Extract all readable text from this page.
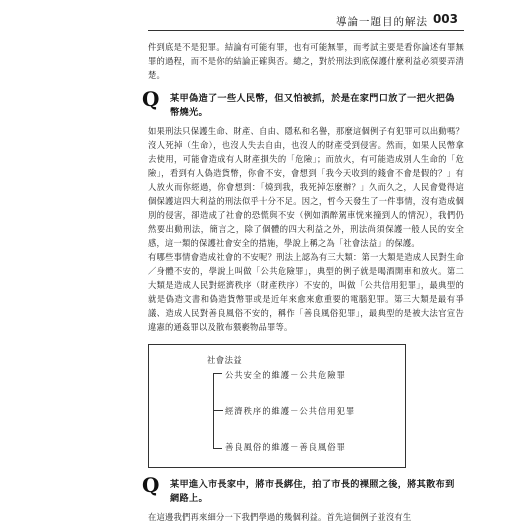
導論一題目的解法 003

件到底是不是犯罪。結論有可能有罪，也有可能無罪，而考試主要是看你論述有罪無罪的過程，而不是你的結論正確與否。總之，對於刑法到底保護什麼利益必須要弄清楚。

Q 某甲偽造了一些人民幣，但又怕被抓，於是在家門口放了一把火把偽幣燒光。

如果刑法只保護生命、財產、自由、隱私和名譽，那麼這個例子有犯罪可以出動嗎？沒人死掉（生命），也沒人失去自由，也沒人的財產受到侵害。然而，如果人民幣拿去使用，可能會造成有人財產損失的「危險」；而放火，有可能造成別人生命的「危險」，看到有人偽造貨幣，你會不安，會想到「我今天收到的錢會不會是假的？」有人放火而你經過，你會想到：「燒到我，我死掉怎麼辦？」久而久之，人民會覺得這個保護這四大利益的刑法似乎十分不足。因之，哲今天發生了一件事情，沒有造成個別的侵害，卻造成了社會的恐慌與不安（例如酒醉駕車恍來撞到人的情況），我們仍然要出動刑法，簡言之，除了個體的四大利益之外，刑法尚須保護一般人民的安全感，這一類的保護社會安全的措施，學說上稱之為「社會法益」的保護。

有哪些事情會造成社會的不安呢？刑法上認為有三大類：第一大類是造成人民對生命／身體不安的，學說上叫做「公共危險罪」，典型的例子就是喝酒開車和放火。第二大類是造成人民對經濟秩序（財產秩序）不安的，叫做「公共信用犯罪」，最典型的就是偽造文書和偽造貨幣罪或是近年來愈來愈重要的電腦犯罪。第三大類是最有爭議、造成人民對善良風俗不安的，稱作「善良風俗犯罪」，最典型的是被大法官宣告違憲的通姦罪以及散布猥褻物品罪等。

社會法益
公共安全的維護－公共危險罪
經濟秩序的維護－公共信用犯罪
善良風俗的維護－善良風俗罪
Q 某甲進入市長家中，將市長綁住，拍了市長的裸照之後，將其散布到網路上。

在這邊我們再來細分一下我們學過的幾個利益。首先這個例子並沒有生
